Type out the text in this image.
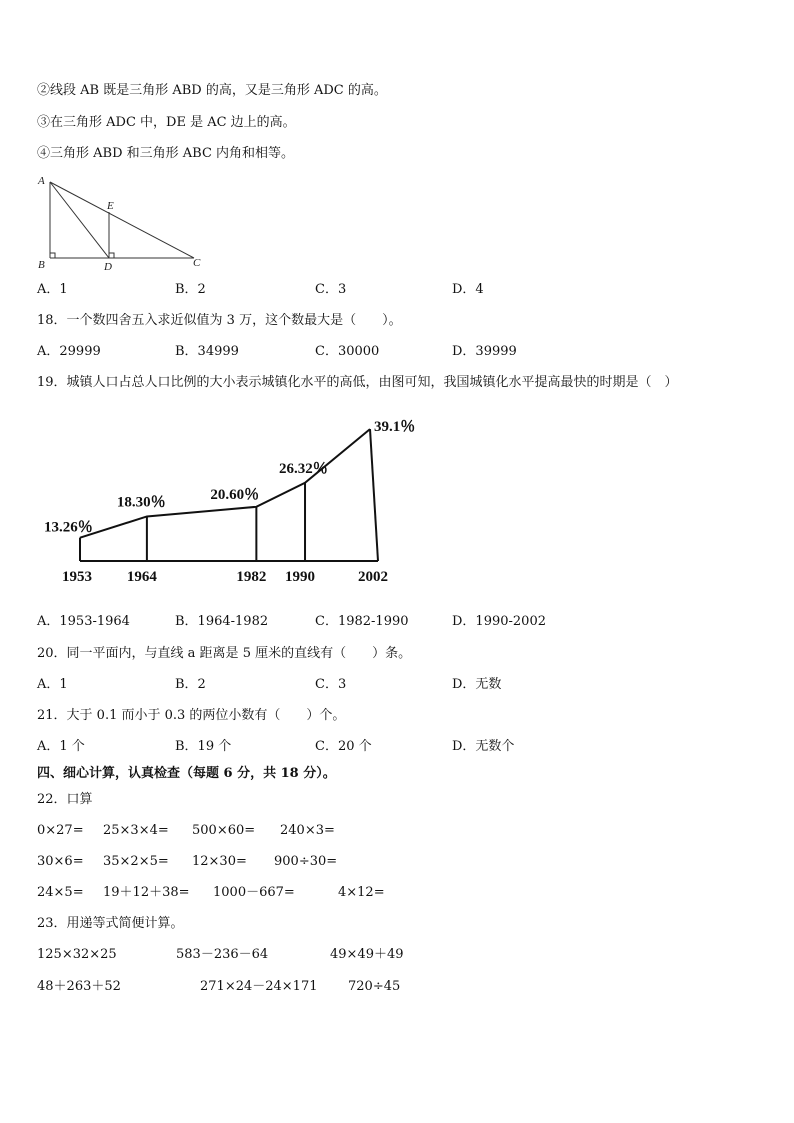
②线段 AB 既是三角形 ABD 的高，又是三角形 ADC 的高。
③在三角形 ADC 中，DE 是 AC 边上的高。
④三角形 ABD 和三角形 ABC 内角和相等。
A
E
B	D	C
A．1	B．2	C．3	D．4
18．一个数四舍五入求近似值为 3 万，这个数最大是（　　）。
A．29999	B．34999	C．30000	D．39999
19．城镇人口占总人口比例的大小表示城镇化水平的高低，由图可知，我国城镇化水平提高最快的时期是（　）
13.26％
18.30％	20.60％
26.32％
39.1％
1953 1964	1982 1990	2002
A．1953-1964	B．1964-1982	C．1982-1990	D．1990-2002
20．同一平面内，与直线 a 距离是 5 厘米的直线有（　　）条。
A．1	B．2	C．3	D．无数
21．大于 0.1 而小于 0.3 的两位小数有（　　）个。
A．1 个	B．19 个	C．20 个	D．无数个
四、细心计算，认真检查（每题 6 分，共 18 分）。
22．口算
0×27= 25×3×4= 500×60= 240×3=
30×6= 35×2×5= 12×30= 900÷30=
24×5= 19＋12＋38= 1000－667=	4×12=
23．用递等式简便计算。
125×32×25	583－236－64	49×49＋49
48＋263＋52	271×24－24×171 720÷45
